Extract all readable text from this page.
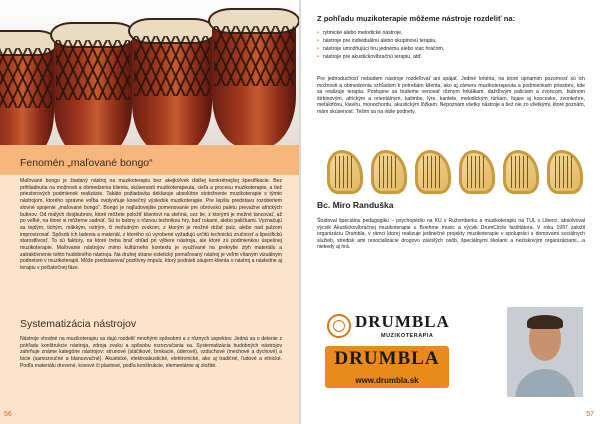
Fenomén „maľované bongo“

Maľované bongo je žiadaný nástroj na muzikoterapiu bez akejkoľvek ďalšej konkrétnejšej špecifikácie. Bez prihliadnutia na možnosti a obmedzenia klienta, skúsenosti muzikoterapeuta, cieľa a procesu muzikoterapie, a tiež priestorových podmienok realizácie. Takáto požiadavka deklaruje absolútne stotožnenie muzikoterapie s týmto nástrojom, ktorého správne voľba ovplyvňuje konečný výsledok muzikoterapie. Pre lepšiu predstavu rozoberiem slovné spojenie „maľované bongo“. Bongo je najľudovejšie pomenovanie pre obrovskú paletu prevažne afrických bubnov. Od malých dvojbubnov, ktoré môžete položiť klientovi na stehná, cez tie, z ktorými je možné tancovať, až po veľké, na ktoré si môžeme sadnúť. Sú to bubny s rôznou technikou hry, buď rukami, alebo paličkami. Vyznačujú sa teplým, tichým, mäkkým, ostrým, či mohutným zvukom, z ktorým je možné držať pulz, alebo nad pulzom improvizovať. Spôsob ich ladenia a materiál, z ktorého sú vyrobené vyžadujú určitú technickú zručnosť a špecifickú starostlivosť. To sú faktory, na ktoré treba brať ohľad pri výbere nástroja, ale ktoré zú podmienkou úspešnej muzikoterapie. Maľovanie nástrojov mimo kultúrneho kontextu je využívané na prekrytie zlyh materiálu a zatraktívnenie tohto hudobného nástroja. Na druhej strane estetický pomaľovaný nástroj je veľmi vítaným vizuálnym podnetom v muzikoterapii. Môže predstavovať pozitívny impulz, ktorý podnieti záujem klienta o nástroj a následne aj terapiu v počiatočnej fáze.

Systematizácia nástrojov

Nástroje vhodné na muzikoterapiu sa dajú rozdeliť mnohými spôsobmi a z rôznych aspektov. Jedná sa o delenie z pohľadu konštrukcie nástroja, zdroja zvuku a spôsobu rozozvučania sa. Systematizácia hudobných nástrojov zahrňuje známe kategórie nástrojov: strunové (sláčikové, brnkacie, úderové), vzduchové (mechové a dychové) a bicie (samozvučné a blanozvučné). Akustické, elektroakustické, elektronické, ako aj tradičné, ľudové a etnické. Podľa materiálu drevené, kovové či plastové, podľa konštrukcie, elementárne aj zložité.

56
Z pohľadu muzikoterapie môžeme nástroje rozdeliť na:
• rytmické alebo melodické nástroje,
• nástroje pre individuálnu alebo skupinovú terapiu,
• nástroje umožňujúci hru jednému alebo viac hráčom,
• nástroje pre akustickovibračnú terapiu, atď.

Pre jednoduchosť nebudem nástroje rozdeľovať ani spájať. Jediné kritéria, na ktoré upriamim pozornosť sú ich možnosti a obmedzenia vzhľadom k potrebám klienta, ako aj zámeru muzikoterapeuta a podmienkam priestoru, kde sa realizuje terapia. Postupne sa budeme venovať rôznym hrkálkam, dažďovým paliciam a zvoncom, bubnom štrbinovým, africkým a orientálnym, kalimbe, lýre, kantele, melodickým rúrkam, fujare aj koncovke, zvonkohre, metalofónu, klavíru, monochordu, akustickým lôžkam. Nepoznám všetky nástroje a tiež nie zo všetkými, ktoré poznám, mám skúsenosť. Tešim sa na vaše podnety.

Bc. Miro Randuška

Študoval špeciálnu pedagogiku – psychopédiu na KU v Ružomberku a muzikoterapiu na TUL v Liberci, absolvoval výcvik Akustickovibračnej muzikoterapie u Boehme music a výcvik DrumCircle facilitátora. V roku 1997 založil organizáciu Drumbla, v rámci ktorej realizuje jedinečné projekty muzikoterapie v spolupráci s domovami sociálnych služieb, stredisk ami resocializácie drogovo závislých osôb, špeciálnymi školami a neziskovým organizáciami,...a niekedy aj hrá.

DRUMBLA
MUZIKOTERAPIA
DRUMBLA
www.drumbla.sk
57
